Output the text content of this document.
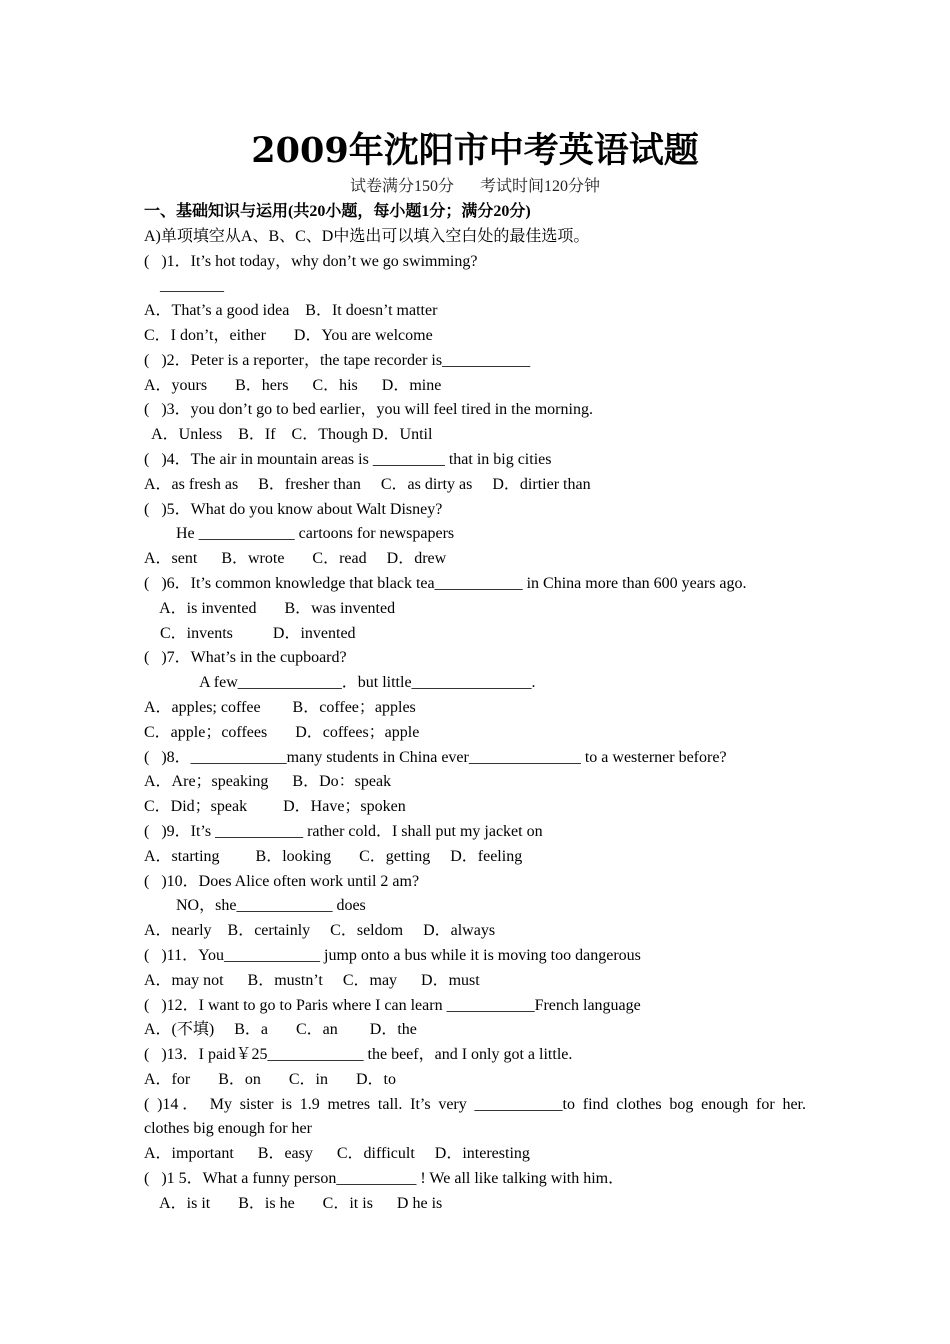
2009年沈阳市中考英语试题
试卷满分150分 考试时间120分钟
一、基础知识与运用(共20小题，每小题1分；满分20分)
A)单项填空从A、B、C、D中选出可以填入空白处的最佳选项。
(   )1．It’s hot today，why don’t we go swimming?
________
A．That’s a good idea    B．It doesn’t matter
C．I don’t，either       D．You are welcome
(   )2．Peter is a reporter，the tape recorder is___________
A．yours       B．hers      C．his      D．mine
(   )3．you don’t go to bed earlier，you will feel tired in the morning.
A．Unless    B．If    C．Though D．Until
(   )4．The air in mountain areas is _________ that in big cities
A．as fresh as     B．fresher than     C．as dirty as     D．dirtier than
(   )5．What do you know about Walt Disney?
He ____________ cartoons for newspapers
A．sent      B．wrote       C．read     D．drew
(   )6．It’s common knowledge that black tea___________ in China more than 600 years ago.
A．is invented       B．was invented
C．invents          D．invented
(   )7．What’s in the cupboard?
A few_____________．but little_______________.
A．apples; coffee        B．coffee；apples
C．apple；coffees       D．coffees；apple
(   )8．____________many students in China ever______________ to a westerner before?
A．Are；speaking      B．Do：speak
C．Did；speak         D．Have；spoken
(   )9．It’s ___________ rather cold．I shall put my jacket on
A．starting         B．looking       C．getting     D．feeling
(   )10．Does Alice often work until 2 am?
NO，she____________ does
A．nearly    B．certainly     C．seldom     D．always
(   )11．You____________ jump onto a bus while it is moving too dangerous
A．may not      B．mustn’t     C．may      D．must
(   )12．I want to go to Paris where I can learn ___________French language
A．(不填)     B．a       C．an        D．the
(   )13．I paid￥25____________ the beef，and I only got a little.
A．for       B．on       C．in       D．to
( )14． My sister is 1.9 metres tall. It’s very ___________to find clothes bog enough for her.
clothes big enough for her
A．important      B．easy      C．difficult     D．interesting
(   )1 5．What a funny person__________ ! We all like talking with him．
A．is it       B．is he       C．it is      D he is
